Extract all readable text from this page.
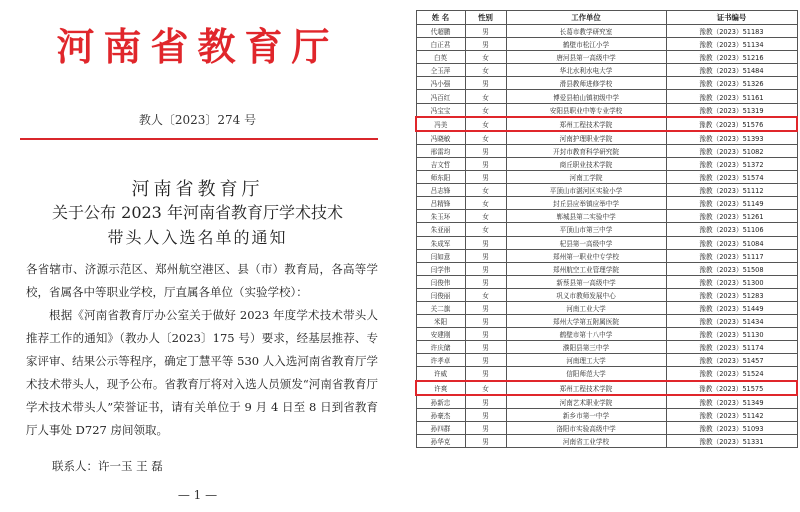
河南省教育厅
教人〔2023〕274 号
河南省教育厅
关于公布 2023 年河南省教育厅学术技术
带头人入选名单的通知
各省辖市、济源示范区、郑州航空港区、县（市）教育局，各高等学校，省属各中等职业学校，厅直属各单位（实验学校）：
根据《河南省教育厅办公室关于做好 2023 年度学术技术带头人推荐工作的通知》（教办人〔2023〕175 号）要求，经基层推荐、专家评审、结果公示等程序，确定丁慧平等 530 人入选河南省教育厅学术技术带头人，现予公布。省教育厅将对入选人员颁发“河南省教育厅学术技术带头人”荣誉证书，请有关单位于 9 月 4 日至 8 日到省教育厅人事处 D727 房间领取。
联系人：许一玉 王 磊
— 1 —
姓 名	性别	工作单位	证书编号
代超鹏	男	长葛市教学研究室	豫教（2023）51183
白正君	男	鹤壁市松江小学	豫教（2023）51134
白英	女	唐河县第一高级中学	豫教（2023）51216
仝玉萍	女	华北水利水电大学	豫教（2023）51484
冯小强	男	滑县教师进修学校	豫教（2023）51326
冯百红	女	博爱县柏山镇初级中学	豫教（2023）51161
冯宝宝	女	安阳县职业中等专业学校	豫教（2023）51319
冯美	女	郑州工程技术学院	豫教（2023）51576
冯晓敏	女	河南护理职业学院	豫教（2023）51393
邢雷均	男	开封市教育科学研究院	豫教（2023）51082
吉文哲	男	商丘职业技术学院	豫教（2023）51372
师东阳	男	河南工学院	豫教（2023）51574
吕志锋	女	平顶山市湛河区实验小学	豫教（2023）51112
吕精锋	女	封丘县应举镇应举中学	豫教（2023）51149
朱玉环	女	郸城县第二实验中学	豫教（2023）51261
朱亚丽	女	平顶山市第三中学	豫教（2023）51106
朱成军	男	杞县第一高级中学	豫教（2023）51084
闫如意	男	郑州第一职业中专学校	豫教（2023）51117
闫学伟	男	郑州航空工业管理学院	豫教（2023）51508
闫俊伟	男	新蔡县第一高级中学	豫教（2023）51300
闫俊丽	女	巩义市教师发展中心	豫教（2023）51283
关二旗	男	河南工业大学	豫教（2023）51449
米阳	男	郑州大学第五附属医院	豫教（2023）51434
安建刚	男	鹤壁市第十八中学	豫教（2023）51130
许庆储	男	濮阳县第三中学	豫教（2023）51174
许孝卓	男	河南理工大学	豫教（2023）51457
许威	男	信阳师范大学	豫教（2023）51524
许爽	女	郑州工程技术学院	豫教（2023）51575
孙新忠	男	河南艺术职业学院	豫教（2023）51349
孙豪杰	男	新乡市第一中学	豫教（2023）51142
孙四群	男	洛阳市实验高级中学	豫教（2023）51093
孙华克	男	河南省工业学校	豫教（2023）51331
